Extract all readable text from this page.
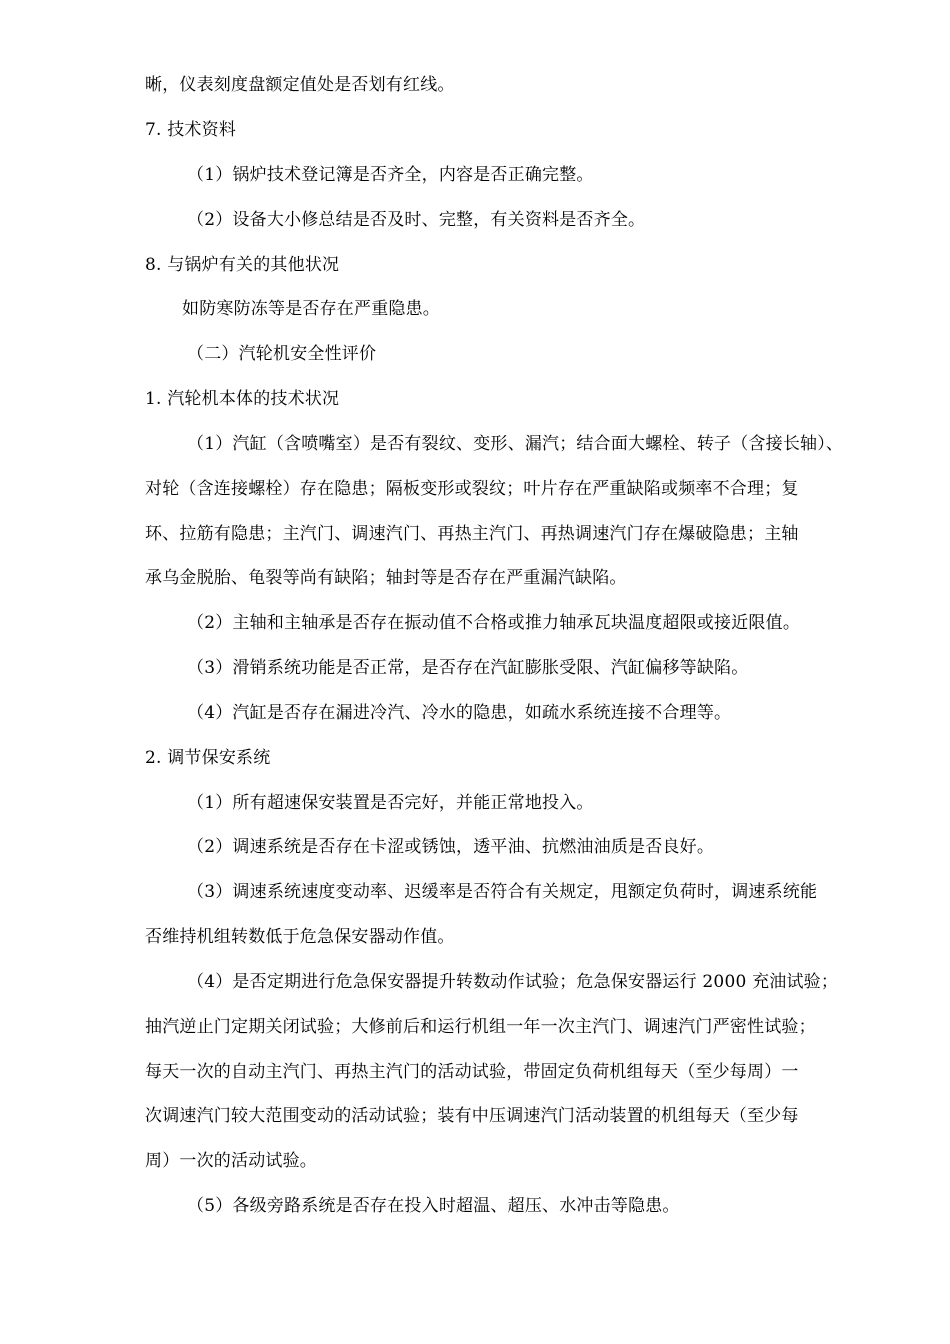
晰，仪表刻度盘额定值处是否划有红线。
7. 技术资料
（1）锅炉技术登记簿是否齐全，内容是否正确完整。
（2）设备大小修总结是否及时、完整，有关资料是否齐全。
8. 与锅炉有关的其他状况
如防寒防冻等是否存在严重隐患。
（二）汽轮机安全性评价
1. 汽轮机本体的技术状况
（1）汽缸（含喷嘴室）是否有裂纹、变形、漏汽；结合面大螺栓、转子（含接长轴）、
对轮（含连接螺栓）存在隐患；隔板变形或裂纹；叶片存在严重缺陷或频率不合理；复
环、拉筋有隐患；主汽门、调速汽门、再热主汽门、再热调速汽门存在爆破隐患；主轴
承乌金脱胎、龟裂等尚有缺陷；轴封等是否存在严重漏汽缺陷。
（2）主轴和主轴承是否存在振动值不合格或推力轴承瓦块温度超限或接近限值。
（3）滑销系统功能是否正常，是否存在汽缸膨胀受限、汽缸偏移等缺陷。
（4）汽缸是否存在漏进冷汽、冷水的隐患，如疏水系统连接不合理等。
2. 调节保安系统
（1）所有超速保安装置是否完好，并能正常地投入。
（2）调速系统是否存在卡涩或锈蚀，透平油、抗燃油油质是否良好。
（3）调速系统速度变动率、迟缓率是否符合有关规定，甩额定负荷时，调速系统能
否维持机组转数低于危急保安器动作值。
（4）是否定期进行危急保安器提升转数动作试验；危急保安器运行 2000 充油试验；
抽汽逆止门定期关闭试验；大修前后和运行机组一年一次主汽门、调速汽门严密性试验；
每天一次的自动主汽门、再热主汽门的活动试验，带固定负荷机组每天（至少每周）一
次调速汽门较大范围变动的活动试验；装有中压调速汽门活动装置的机组每天（至少每
周）一次的活动试验。
（5）各级旁路系统是否存在投入时超温、超压、水冲击等隐患。
